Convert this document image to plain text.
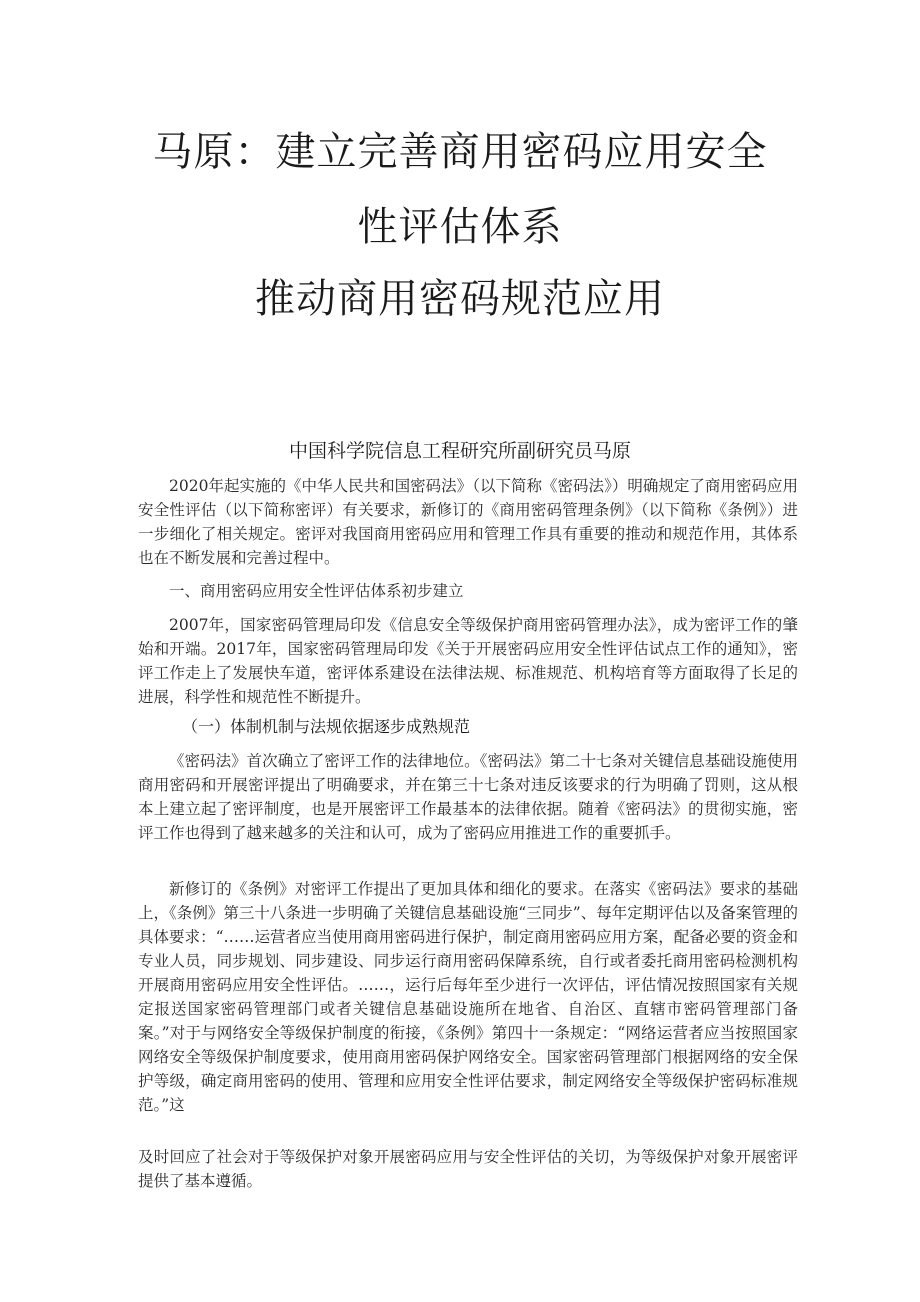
马原：建立完善商用密码应用安全
性评估体系
推动商用密码规范应用
中国科学院信息工程研究所副研究员马原

2020年起实施的《中华人民共和国密码法》（以下简称《密码法》）明确规定了商用密码应用安全性评估（以下简称密评）有关要求，新修订的《商用密码管理条例》（以下简称《条例》）进一步细化了相关规定。密评对我国商用密码应用和管理工作具有重要的推动和规范作用，其体系也在不断发展和完善过程中。

一、商用密码应用安全性评估体系初步建立

2007年，国家密码管理局印发《信息安全等级保护商用密码管理办法》，成为密评工作的肇始和开端。2017年，国家密码管理局印发《关于开展密码应用安全性评估试点工作的通知》，密评工作走上了发展快车道，密评体系建设在法律法规、标准规范、机构培育等方面取得了长足的进展，科学性和规范性不断提升。

（一）体制机制与法规依据逐步成熟规范

《密码法》首次确立了密评工作的法律地位。《密码法》第二十七条对关键信息基础设施使用商用密码和开展密评提出了明确要求，并在第三十七条对违反该要求的行为明确了罚则，这从根本上建立起了密评制度，也是开展密评工作最基本的法律依据。随着《密码法》的贯彻实施，密评工作也得到了越来越多的关注和认可，成为了密码应用推进工作的重要抓手。

新修订的《条例》对密评工作提出了更加具体和细化的要求。在落实《密码法》要求的基础上，《条例》第三十八条进一步明确了关键信息基础设施“三同步”、每年定期评估以及备案管理的具体要求：“……运营者应当使用商用密码进行保护，制定商用密码应用方案，配备必要的资金和专业人员，同步规划、同步建设、同步运行商用密码保障系统，自行或者委托商用密码检测机构开展商用密码应用安全性评估。……，运行后每年至少进行一次评估，评估情况按照国家有关规定报送国家密码管理部门或者关键信息基础设施所在地省、自治区、直辖市密码管理部门备案。”对于与网络安全等级保护制度的衔接，《条例》第四十一条规定：“网络运营者应当按照国家网络安全等级保护制度要求，使用商用密码保护网络安全。国家密码管理部门根据网络的安全保护等级，确定商用密码的使用、管理和应用安全性评估要求，制定网络安全等级保护密码标准规范。”这

及时回应了社会对于等级保护对象开展密码应用与安全性评估的关切，为等级保护对象开展密评提供了基本遵循。
